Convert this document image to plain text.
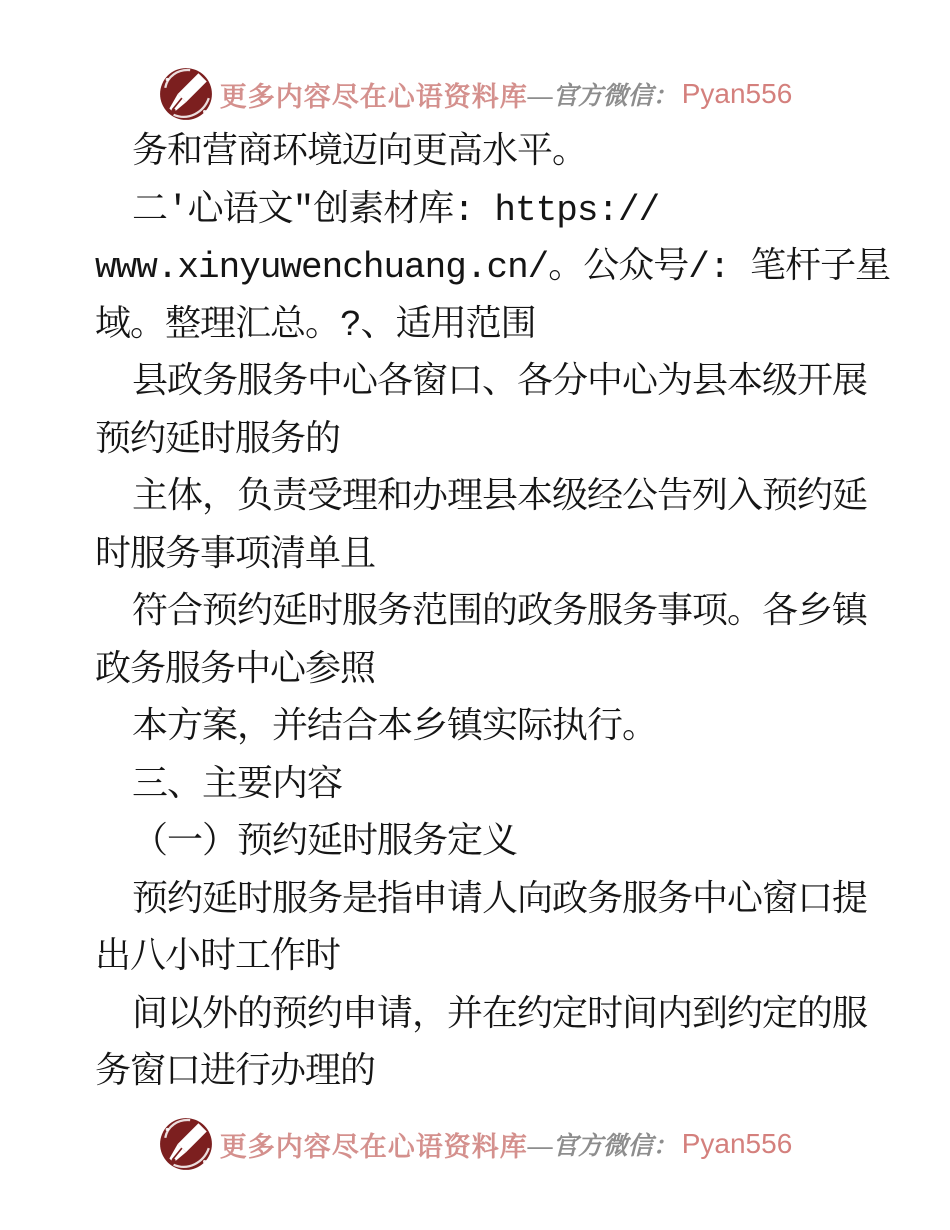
更多内容尽在心语资料库 —官方微信： Pyan556
务和营商环境迈向更高水平。
二′心语文"创素材库: https://
www.xinyuwenchuang.cn/。公众号/: 笔杆子星
域。整理汇总。?、适用范围
县政务服务中心各窗口、各分中心为县本级开展
预约延时服务的
主体，负责受理和办理县本级经公告列入预约延
时服务事项清单且
符合预约延时服务范围的政务服务事项。各乡镇
政务服务中心参照
本方案，并结合本乡镇实际执行。
三、主要内容
（一）预约延时服务定义
预约延时服务是指申请人向政务服务中心窗口提
出八小时工作时
间以外的预约申请，并在约定时间内到约定的服
务窗口进行办理的
更多内容尽在心语资料库 —官方微信： Pyan556
